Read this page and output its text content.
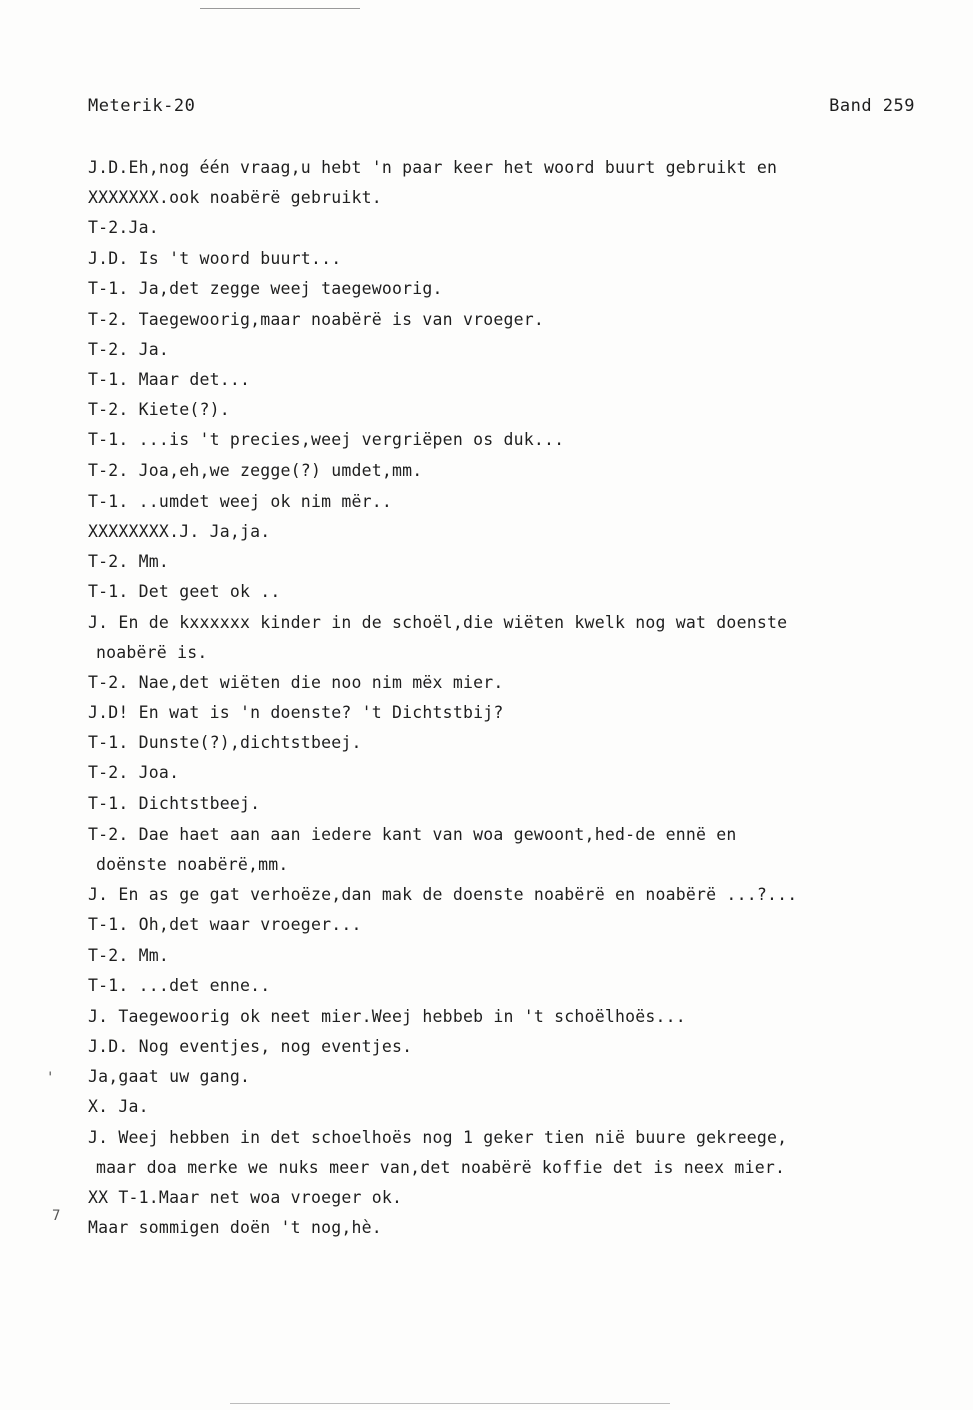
Meterik-20	Band 259
J.D.Eh,nog één vraag,u hebt 'n paar keer het woord buurt gebruikt en
XXXXXXX.ook noabërë gebruikt.
T-2.Ja.
J.D. Is 't woord buurt...
T-1. Ja,det zegge weej taegewoorig.
T-2. Taegewoorig,maar noabërë is van vroeger.
T-2. Ja.
T-1. Maar det...
T-2. Kiete(?).
T-1. ...is 't precies,weej vergriëpen os duk...
T-2. Joa,eh,we zegge(?) umdet,mm.
T-1. ..umdet weej ok nim mër..
XXXXXXXX.J. Ja,ja.
T-2. Mm.
T-1. Det geet ok ..
J. En de kxxxxxx kinder in de schoël,die wiëten kwelk nog wat doenste
noabërë is.
T-2. Nae,det wiëten die noo nim mëx mier.
J.D! En wat is 'n doenste? 't Dichtstbij?
T-1. Dunste(?),dichtstbeej.
T-2. Joa.
T-1. Dichtstbeej.
T-2. Dae haet aan aan iedere kant van woa gewoont,hed-de ennë en
doënste noabërë,mm.
J. En as ge gat verhoëze,dan mak de doenste noabërë en noabërë ...?...
T-1. Oh,det waar vroeger...
T-2. Mm.
T-1. ...det enne..
J. Taegewoorig ok neet mier.Weej hebbeb in 't schoëlhoës...
J.D. Nog eventjes, nog eventjes.
Ja,gaat uw gang.
X. Ja.
J. Weej hebben in det schoelhoës nog 1 geker tien nië buure gekreege,
maar doa merke we nuks meer van,det noabërë koffie det is neex mier.
XX T-1.Maar net woa vroeger ok.
Maar sommigen doën 't nog,hè.
'
7
